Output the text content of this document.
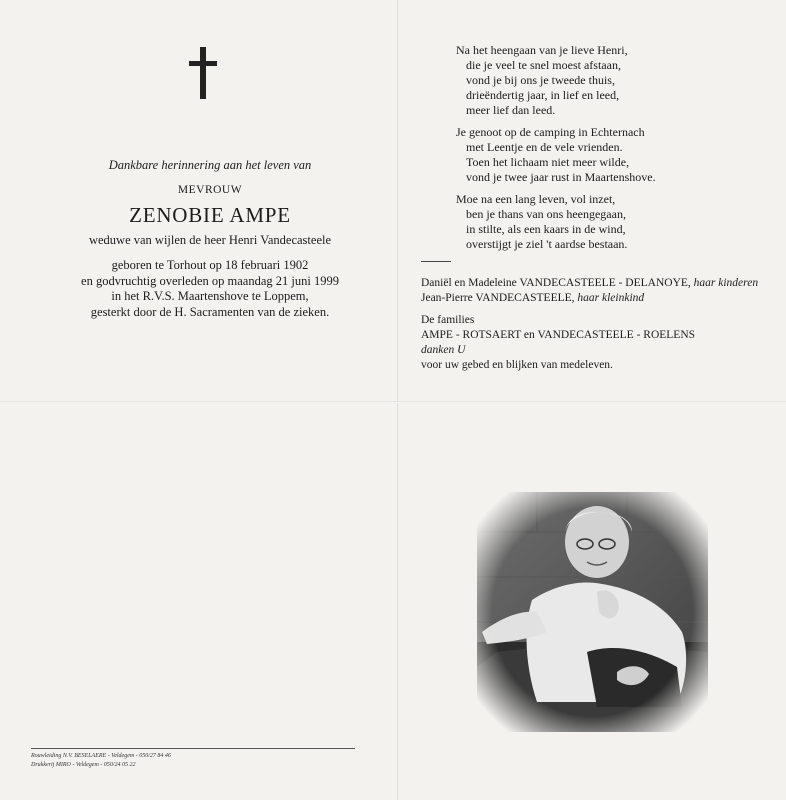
Dankbare herinnering aan het leven van
MEVROUW
ZENOBIE AMPE
weduwe van wijlen de heer Henri Vandecasteele
geboren te Torhout op 18 februari 1902
en godvruchtig overleden op maandag 21 juni 1999
in het R.V.S. Maartenshove te Loppem,
gesterkt door de H. Sacramenten van de zieken.
Na het heengaan van je lieve Henri,
die je veel te snel moest afstaan,
vond je bij ons je tweede thuis,
drieëndertig jaar, in lief en leed,
meer lief dan leed.
Je genoot op de camping in Echternach
met Leentje en de vele vrienden.
Toen het lichaam niet meer wilde,
vond je twee jaar rust in Maartenshove.
Moe na een lang leven, vol inzet,
ben je thans van ons heengegaan,
in stilte, als een kaars in de wind,
overstijgt je ziel 't aardse bestaan.
Daniël en Madeleine VANDECASTEELE - DELANOYE, haar kinderen
Jean-Pierre VANDECASTEELE, haar kleinkind
De families
AMPE - ROTSAERT en VANDECASTEELE - ROELENS
danken U
voor uw gebed en blijken van medeleven.
Rouwleiding N.V. BESELAERE - Veldegem - 050/27 84 46
Drukkerij MIRO - Veldegem - 050/24 05 22
